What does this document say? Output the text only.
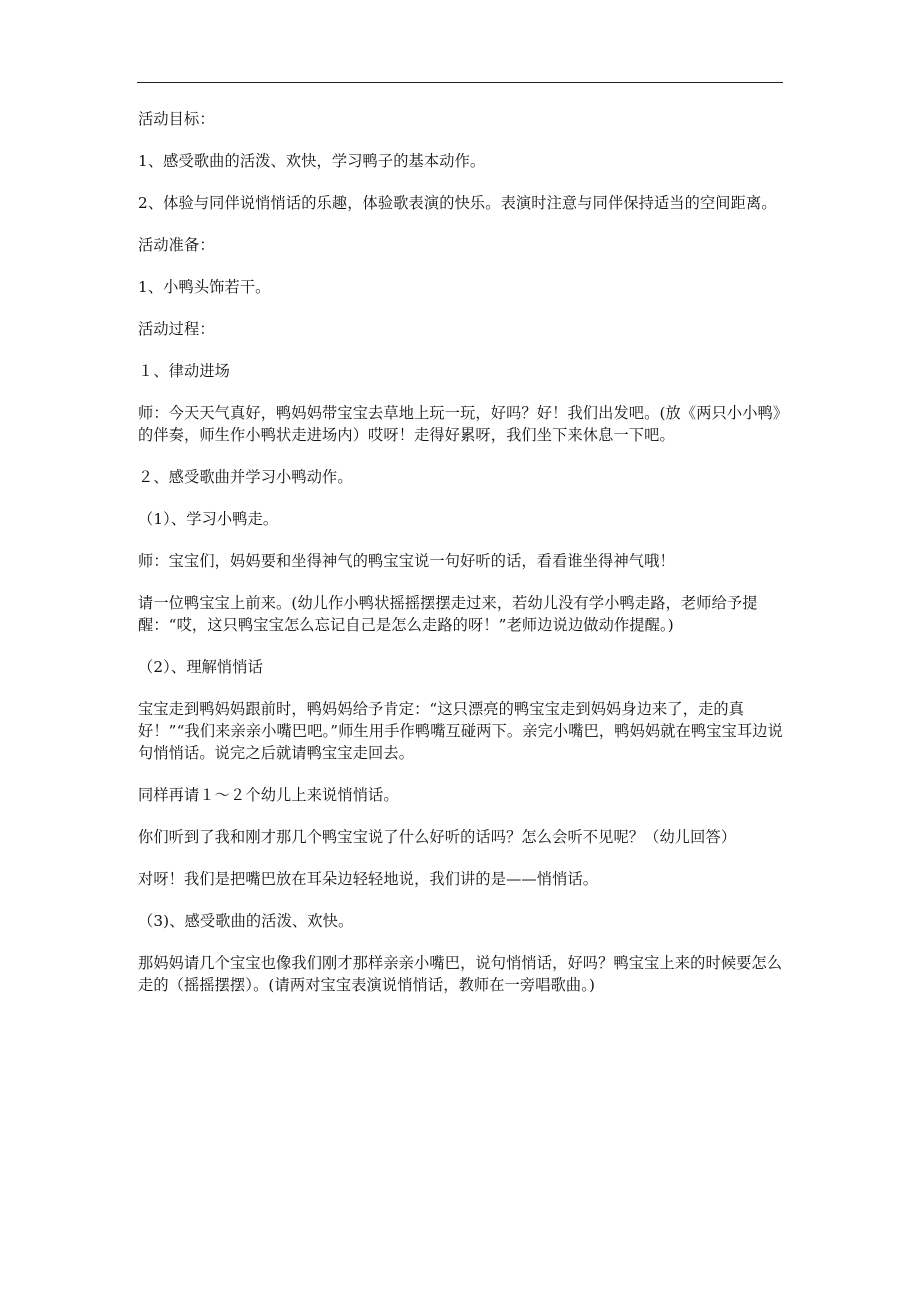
活动目标：

1、感受歌曲的活泼、欢快，学习鸭子的基本动作。

2、体验与同伴说悄悄话的乐趣，体验歌表演的快乐。表演时注意与同伴保持适当的空间距离。

活动准备：

1、小鸭头饰若干。

活动过程：

１、律动进场

师：今天天气真好，鸭妈妈带宝宝去草地上玩一玩，好吗？好！我们出发吧。(放《两只小小鸭》的伴奏，师生作小鸭状走进场内）哎呀！走得好累呀，我们坐下来休息一下吧。

２、感受歌曲并学习小鸭动作。

（1）、学习小鸭走。

师：宝宝们，妈妈要和坐得神气的鸭宝宝说一句好听的话，看看谁坐得神气哦！

请一位鸭宝宝上前来。(幼儿作小鸭状摇摇摆摆走过来，若幼儿没有学小鸭走路，老师给予提醒：“哎，这只鸭宝宝怎么忘记自己是怎么走路的呀！”老师边说边做动作提醒。)

（2）、理解悄悄话

宝宝走到鸭妈妈跟前时，鸭妈妈给予肯定：“这只漂亮的鸭宝宝走到妈妈身边来了，走的真好！”“我们来亲亲小嘴巴吧。”师生用手作鸭嘴互碰两下。亲完小嘴巴，鸭妈妈就在鸭宝宝耳边说句悄悄话。说完之后就请鸭宝宝走回去。

同样再请１～２个幼儿上来说悄悄话。

你们听到了我和刚才那几个鸭宝宝说了什么好听的话吗？怎么会听不见呢？（幼儿回答）

对呀！我们是把嘴巴放在耳朵边轻轻地说，我们讲的是——悄悄话。

（3)、感受歌曲的活泼、欢快。

那妈妈请几个宝宝也像我们刚才那样亲亲小嘴巴，说句悄悄话，好吗？鸭宝宝上来的时候要怎么走的（摇摇摆摆）。(请两对宝宝表演说悄悄话，教师在一旁唱歌曲。)
